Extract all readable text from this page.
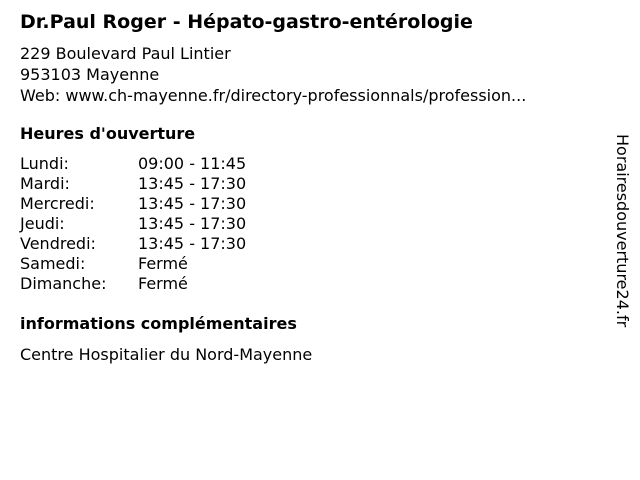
Dr.Paul Roger - Hépato-gastro-entérologie
229 Boulevard Paul Lintier
953103 Mayenne
Web: www.ch-mayenne.fr/directory-professionnals/profession...
Heures d'ouverture
Lundi:	09:00 - 11:45
Mardi:	13:45 - 17:30
Mercredi:	13:45 - 17:30
Jeudi:	13:45 - 17:30
Vendredi:	13:45 - 17:30
Samedi:	Fermé
Dimanche:	Fermé
informations complémentaires
Centre Hospitalier du Nord-Mayenne
Horairesdouverture24.fr
